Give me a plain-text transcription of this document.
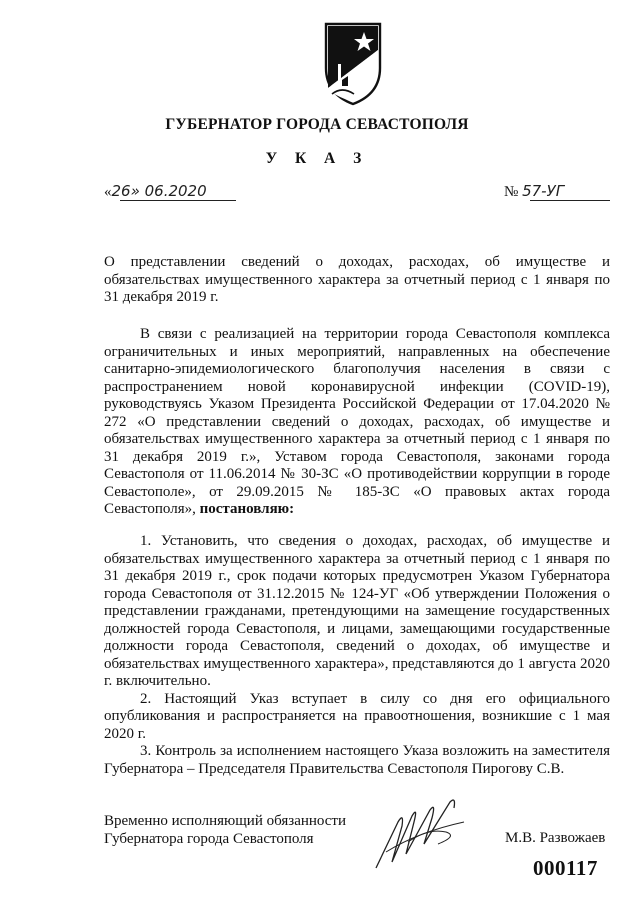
ГУБЕРНАТОР ГОРОДА СЕВАСТОПОЛЯ
У К А З
«26» 06.2020	№ 57-УГ
О представлении сведений о доходах, расходах, об имуществе и обязательствах имущественного характера за отчетный период с 1 января по 31 декабря 2019 г.
В связи с реализацией на территории города Севастополя комплекса ограничительных и иных мероприятий, направленных на обеспечение санитарно-эпидемиологического благополучия населения в связи с распространением новой коронавирусной инфекции (COVID-19), руководствуясь Указом Президента Российской Федерации от 17.04.2020 № 272 «О представлении сведений о доходах, расходах, об имуществе и обязательствах имущественного характера за отчетный период с 1 января по 31 декабря 2019 г.», Уставом города Севастополя, законами города Севастополя от 11.06.2014 № 30-ЗС «О противодействии коррупции в городе Севастополе», от 29.09.2015 № 185-ЗС «О правовых актах города Севастополя», постановляю:

1. Установить, что сведения о доходах, расходах, об имуществе и обязательствах имущественного характера за отчетный период с 1 января по 31 декабря 2019 г., срок подачи которых предусмотрен Указом Губернатора города Севастополя от 31.12.2015 № 124-УГ «Об утверждении Положения о представлении гражданами, претендующими на замещение государственных должностей города Севастополя, и лицами, замещающими государственные должности города Севастополя, сведений о доходах, об имуществе и обязательствах имущественного характера», представляются до 1 августа 2020 г. включительно.

2. Настоящий Указ вступает в силу со дня его официального опубликования и распространяется на правоотношения, возникшие с 1 мая 2020 г.

3. Контроль за исполнением настоящего Указа возложить на заместителя Губернатора – Председателя Правительства Севастополя Пирогову С.В.

Временно исполняющий обязанности
Губернатора города Севастополя	М.В. Развожаев
000117
